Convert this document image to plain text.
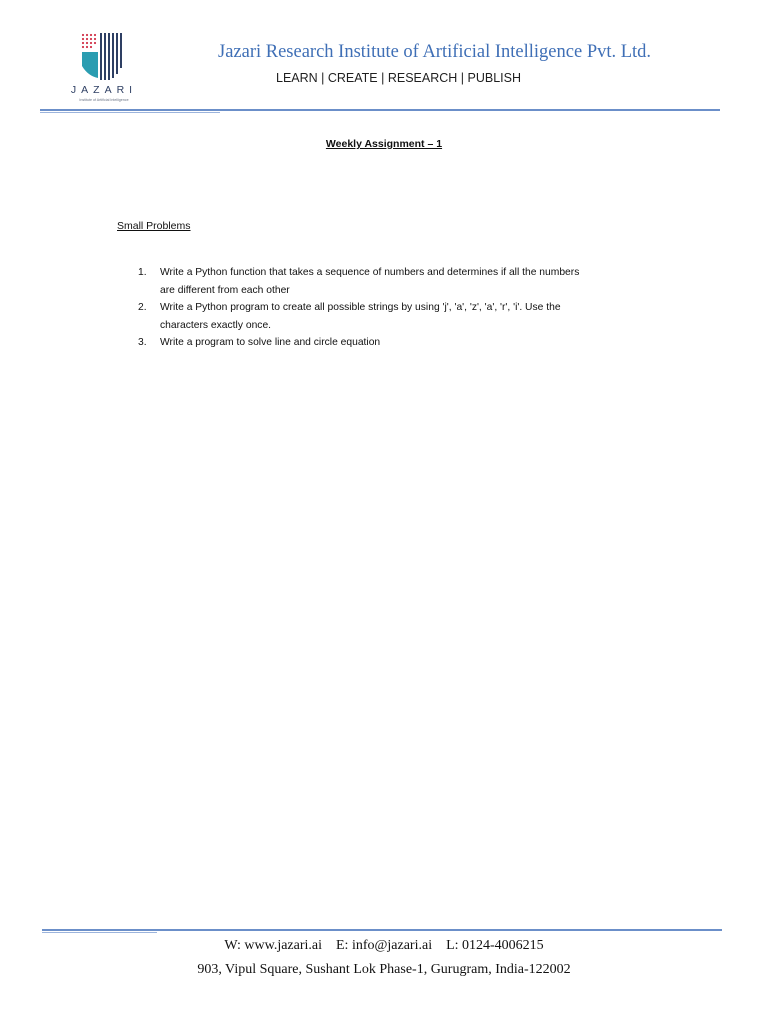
JAZARI
Institute of Artificial Intelligence
Jazari Research Institute of Artificial Intelligence Pvt. Ltd.
LEARN | CREATE | RESEARCH | PUBLISH
Weekly Assignment – 1
Small Problems
1.	Write a Python function that takes a sequence of numbers and determines if all the numbers
are different from each other
2.	Write a Python program to create all possible strings by using 'j', 'a', 'z', 'a', 'r', 'i'. Use the
characters exactly once.
3.	Write a program to solve line and circle equation
W: www.jazari.ai    E: info@jazari.ai    L: 0124-4006215
903, Vipul Square, Sushant Lok Phase-1, Gurugram, India-122002
